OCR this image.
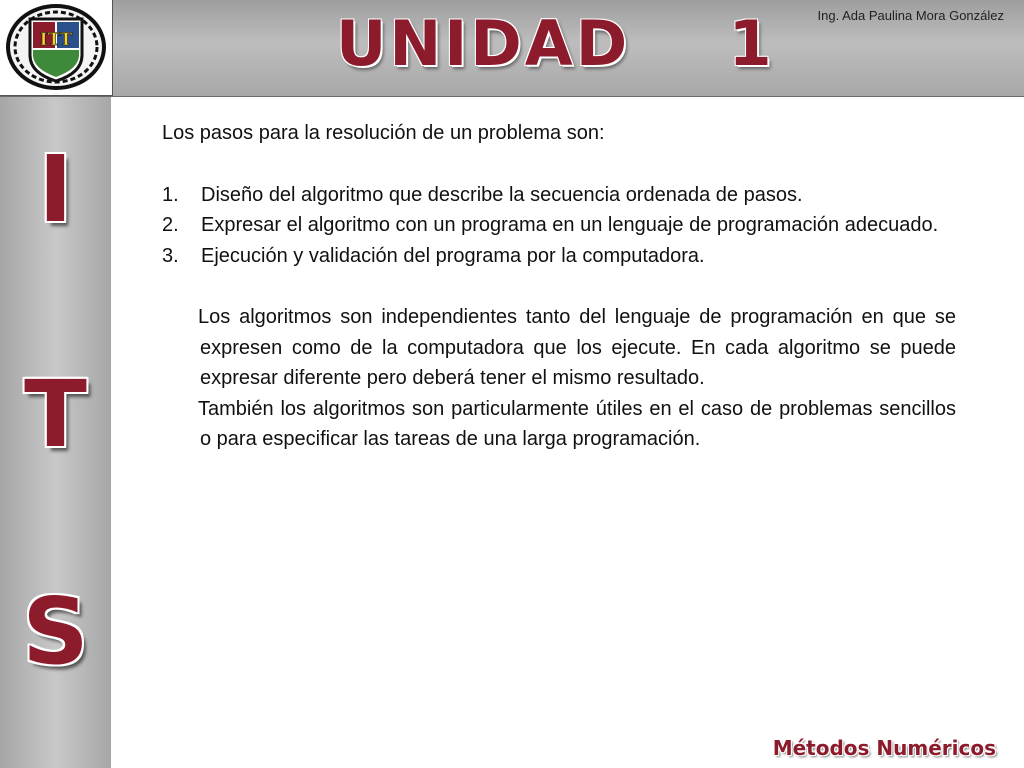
ITT	UNIDAD    1	Ing. Ada Paulina Mora González
I
T
S

Los pasos para la resolución de un problema son:

1.	Diseño del algoritmo que describe la secuencia ordenada de pasos.
2.	Expresar el algoritmo con un programa en un lenguaje de programación adecuado.
3.	Ejecución y validación del programa por la computadora.

Los algoritmos son independientes tanto del lenguaje de programación en que se expresen como de la computadora que los ejecute. En cada algoritmo se puede expresar diferente pero deberá tener el mismo resultado.

También los algoritmos son particularmente útiles en el caso de problemas sencillos o para especificar las tareas de una larga programación.

Métodos Numéricos
